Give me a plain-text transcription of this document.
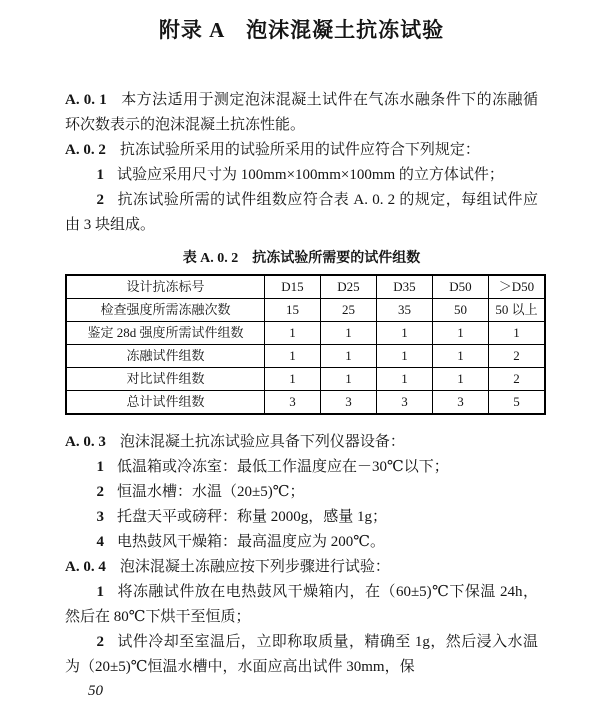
附录 A　泡沫混凝土抗冻试验

A. 0. 1 本方法适用于测定泡沫混凝土试件在气冻水融条件下的冻融循环次数表示的泡沫混凝土抗冻性能。

A. 0. 2 抗冻试验所采用的试验所采用的试件应符合下列规定：

1 试验应采用尺寸为 100mm×100mm×100mm 的立方体试件；

2 抗冻试验所需的试件组数应符合表 A. 0. 2 的规定，每组试件应由 3 块组成。

表 A. 0. 2　抗冻试验所需要的试件组数
设计抗冻标号	D15	D25	D35	D50	＞D50
检查强度所需冻融次数	15	25	35	50	50 以上
鉴定 28d 强度所需试件组数	1	1	1	1	1
冻融试件组数	1	1	1	1	2
对比试件组数	1	1	1	1	2
总计试件组数	3	3	3	3	5

A. 0. 3 泡沫混凝土抗冻试验应具备下列仪器设备：

1 低温箱或冷冻室：最低工作温度应在－30℃以下；

2 恒温水槽：水温（20±5)℃；

3 托盘天平或磅秤：称量 2000g，感量 1g；

4 电热鼓风干燥箱：最高温度应为 200℃。

A. 0. 4 泡沫混凝土冻融应按下列步骤进行试验：

1 将冻融试件放在电热鼓风干燥箱内，在（60±5)℃下保温 24h，然后在 80℃下烘干至恒质；

2 试件冷却至室温后，立即称取质量，精确至 1g，然后浸入水温为（20±5)℃恒温水槽中，水面应高出试件 30mm，保

50
